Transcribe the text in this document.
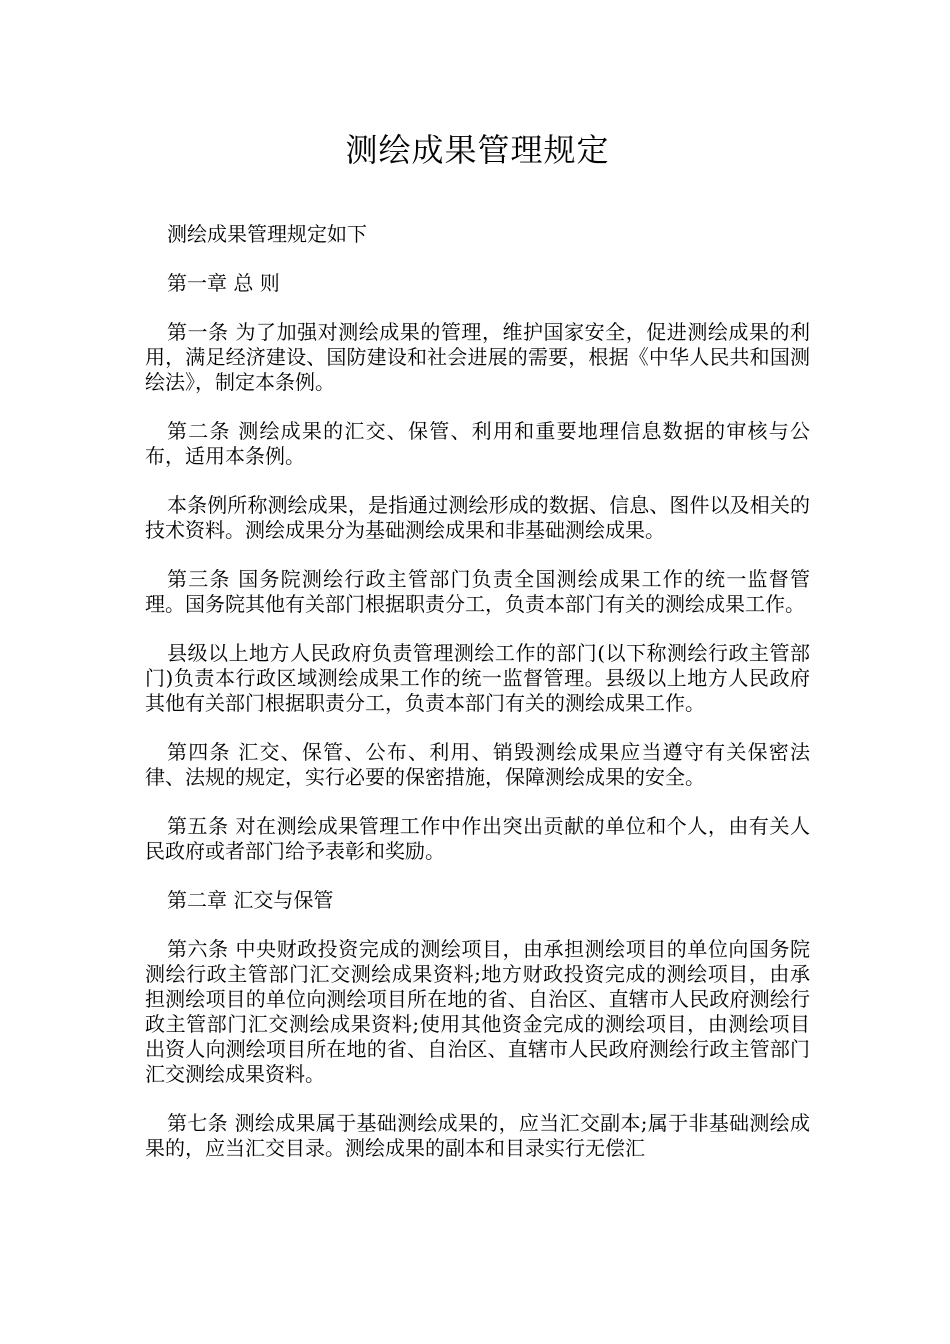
测绘成果管理规定

测绘成果管理规定如下

第一章 总 则

第一条 为了加强对测绘成果的管理，维护国家安全，促进测绘成果的利用，满足经济建设、国防建设和社会进展的需要，根据《中华人民共和国测绘法》，制定本条例。

第二条 测绘成果的汇交、保管、利用和重要地理信息数据的审核与公布，适用本条例。

本条例所称测绘成果，是指通过测绘形成的数据、信息、图件以及相关的技术资料。测绘成果分为基础测绘成果和非基础测绘成果。

第三条 国务院测绘行政主管部门负责全国测绘成果工作的统一监督管理。国务院其他有关部门根据职责分工，负责本部门有关的测绘成果工作。

县级以上地方人民政府负责管理测绘工作的部门(以下称测绘行政主管部门)负责本行政区域测绘成果工作的统一监督管理。县级以上地方人民政府其他有关部门根据职责分工，负责本部门有关的测绘成果工作。

第四条 汇交、保管、公布、利用、销毁测绘成果应当遵守有关保密法律、法规的规定，实行必要的保密措施，保障测绘成果的安全。

第五条 对在测绘成果管理工作中作出突出贡献的单位和个人，由有关人民政府或者部门给予表彰和奖励。

第二章 汇交与保管

第六条 中央财政投资完成的测绘项目，由承担测绘项目的单位向国务院测绘行政主管部门汇交测绘成果资料;地方财政投资完成的测绘项目，由承担测绘项目的单位向测绘项目所在地的省、自治区、直辖市人民政府测绘行政主管部门汇交测绘成果资料;使用其他资金完成的测绘项目，由测绘项目出资人向测绘项目所在地的省、自治区、直辖市人民政府测绘行政主管部门汇交测绘成果资料。

第七条 测绘成果属于基础测绘成果的，应当汇交副本;属于非基础测绘成果的，应当汇交目录。测绘成果的副本和目录实行无偿汇
